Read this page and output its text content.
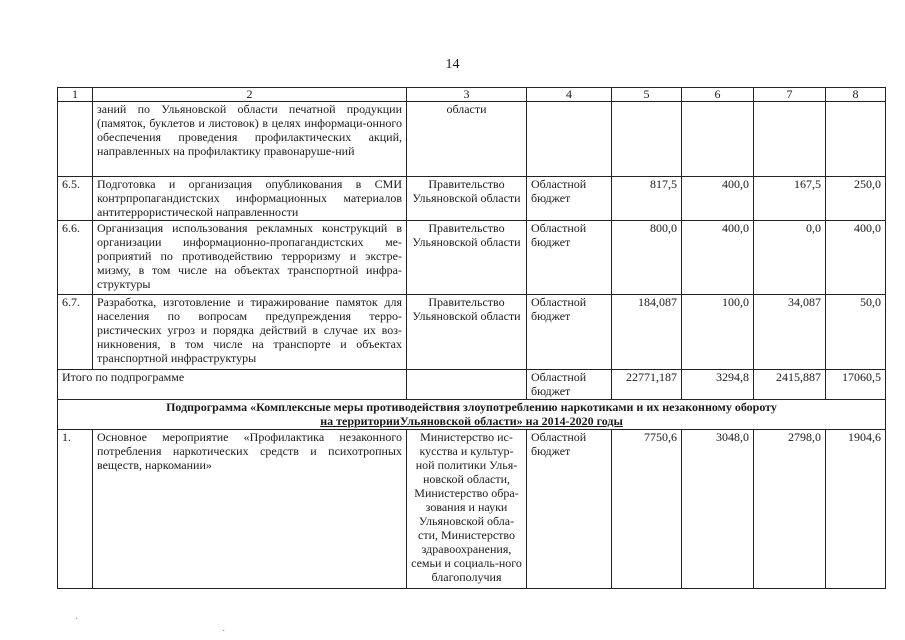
14
1	2	3	4	5	6	7	8
	заний по Ульяновской области печатной продукции (памяток, буклетов и листовок) в целях информаци-онного обеспечения проведения профилактических акций, направленных на профилактику правонаруше-ний	области					
6.5.	Подготовка и организация опубликования в СМИ контрпропагандистских информационных материалов антитеррористической направленности	Правительство Ульяновской области	Областной бюджет	817,5	400,0	167,5	250,0
6.6.	Организация использования рекламных конструкций в организации информационно-пропагандистских ме-роприятий по противодействию терроризму и экстре-мизму, в том числе на объектах транспортной инфра-структуры	Правительство Ульяновской области	Областной бюджет	800,0	400,0	0,0	400,0
6.7.	Разработка, изготовление и тиражирование памяток для населения по вопросам предупреждения терро-ристических угроз и порядка действий в случае их воз-никновения, в том числе на транспорте и объектах транспортной инфраструктуры	Правительство Ульяновской области	Областной бюджет	184,087	100,0	34,087	50,0
Итого по подпрограмме			Областной бюджет	22771,187	3294,8	2415,887	17060,5

Подпрограмма «Комплексные меры противодействия злоупотреблению наркотиками и их незаконному обороту
на территорииУльяновской области» на 2014-2020 годы							

1.	Основное мероприятие «Профилактика незаконного потребления наркотических средств и психотропных веществ, наркомании»	Министерство ис-кусства и культур-ной политики Улья-новской области, Министерство обра-зования и науки Ульяновской обла-сти, Министерство здравоохранения, семьи и социаль-ного благополучия	Областной бюджет	7750,6	3048,0	2798,0	1904,6
·
·
